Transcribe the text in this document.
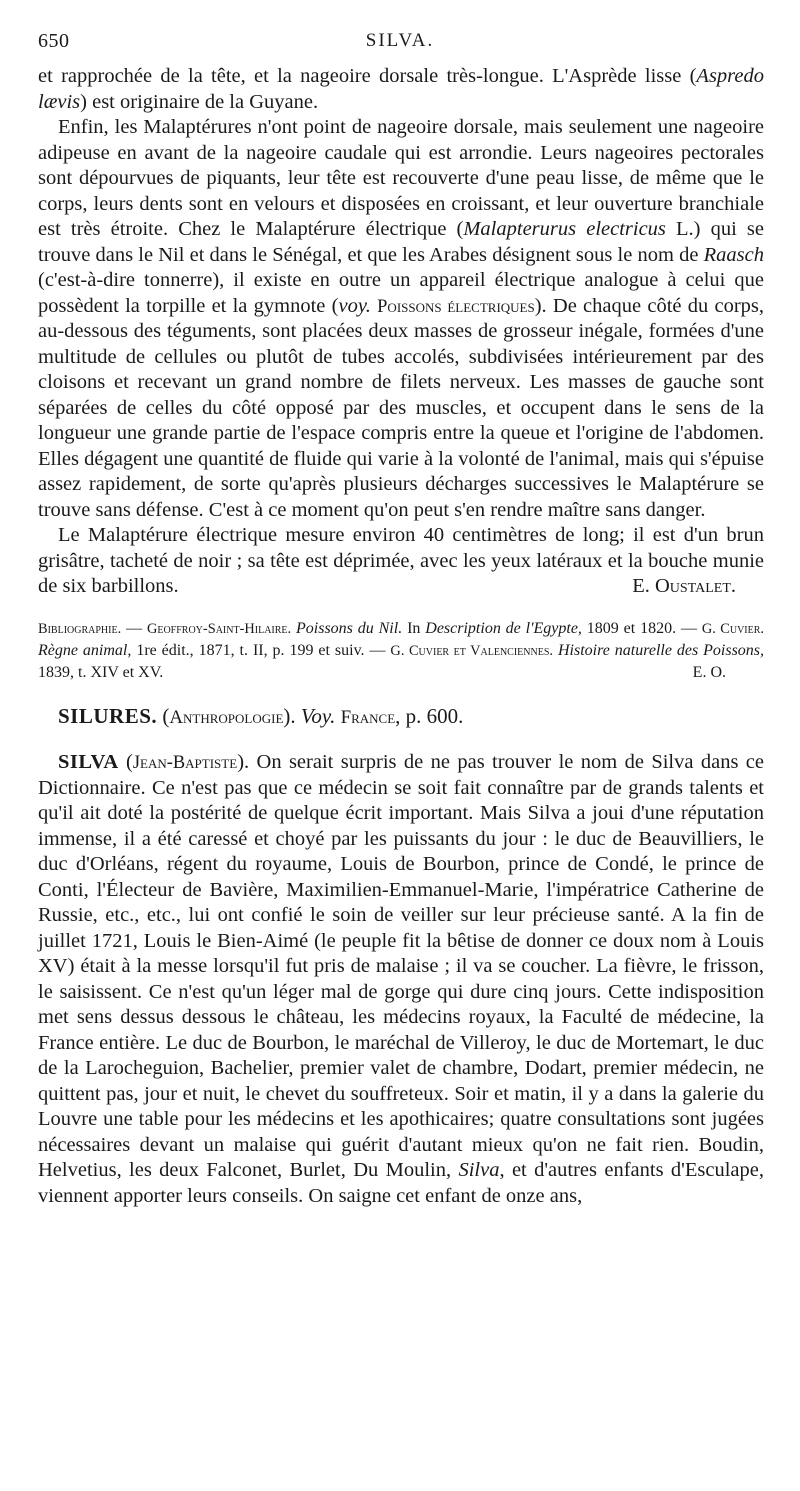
650	SILVA.

et rapprochée de la tête, et la nageoire dorsale très-longue. L'Asprède lisse (Aspredo lævis) est originaire de la Guyane.

Enfin, les Malaptérures n'ont point de nageoire dorsale, mais seulement une nageoire adipeuse en avant de la nageoire caudale qui est arrondie. Leurs nageoires pectorales sont dépourvues de piquants, leur tête est recouverte d'une peau lisse, de même que le corps, leurs dents sont en velours et disposées en croissant, et leur ouverture branchiale est très étroite. Chez le Malaptérure électrique (Malapterurus electricus L.) qui se trouve dans le Nil et dans le Sénégal, et que les Arabes désignent sous le nom de Raasch (c'est-à-dire tonnerre), il existe en outre un appareil électrique analogue à celui que possèdent la torpille et la gymnote (voy. Poissons électriques). De chaque côté du corps, au-dessous des téguments, sont placées deux masses de grosseur inégale, formées d'une multitude de cellules ou plutôt de tubes accolés, subdivisées intérieurement par des cloisons et recevant un grand nombre de filets nerveux. Les masses de gauche sont séparées de celles du côté opposé par des muscles, et occupent dans le sens de la longueur une grande partie de l'espace compris entre la queue et l'origine de l'abdomen. Elles dégagent une quantité de fluide qui varie à la volonté de l'animal, mais qui s'épuise assez rapidement, de sorte qu'après plusieurs décharges successives le Malaptérure se trouve sans défense. C'est à ce moment qu'on peut s'en rendre maître sans danger.

Le Malaptérure électrique mesure environ 40 centimètres de long; il est d'un brun grisâtre, tacheté de noir ; sa tête est déprimée, avec les yeux latéraux et la bouche munie de six barbillons.	E. Oustalet.

Bibliographie. — Geoffroy-Saint-Hilaire. Poissons du Nil. In Description de l'Egypte, 1809 et 1820. — G. Cuvier. Règne animal, 1re édit., 1871, t. II, p. 199 et suiv. — G. Cuvier et Valenciennes. Histoire naturelle des Poissons, 1839, t. XIV et XV.	E. O.

SILURES. (Anthropologie). Voy. France, p. 600.

SILVA (Jean-Baptiste). On serait surpris de ne pas trouver le nom de Silva dans ce Dictionnaire. Ce n'est pas que ce médecin se soit fait connaître par de grands talents et qu'il ait doté la postérité de quelque écrit important. Mais Silva a joui d'une réputation immense, il a été caressé et choyé par les puissants du jour : le duc de Beauvilliers, le duc d'Orléans, régent du royaume, Louis de Bourbon, prince de Condé, le prince de Conti, l'Électeur de Bavière, Maximilien-Emmanuel-Marie, l'impératrice Catherine de Russie, etc., etc., lui ont confié le soin de veiller sur leur précieuse santé. A la fin de juillet 1721, Louis le Bien-Aimé (le peuple fit la bêtise de donner ce doux nom à Louis XV) était à la messe lorsqu'il fut pris de malaise ; il va se coucher. La fièvre, le frisson, le saisissent. Ce n'est qu'un léger mal de gorge qui dure cinq jours. Cette indisposition met sens dessus dessous le château, les médecins royaux, la Faculté de médecine, la France entière. Le duc de Bourbon, le maréchal de Villeroy, le duc de Mortemart, le duc de la Larocheguion, Bachelier, premier valet de chambre, Dodart, premier médecin, ne quittent pas, jour et nuit, le chevet du souffreteux. Soir et matin, il y a dans la galerie du Louvre une table pour les médecins et les apothicaires; quatre consultations sont jugées nécessaires devant un malaise qui guérit d'autant mieux qu'on ne fait rien. Boudin, Helvetius, les deux Falconet, Burlet, Du Moulin, Silva, et d'autres enfants d'Esculape, viennent apporter leurs conseils. On saigne cet enfant de onze ans,
